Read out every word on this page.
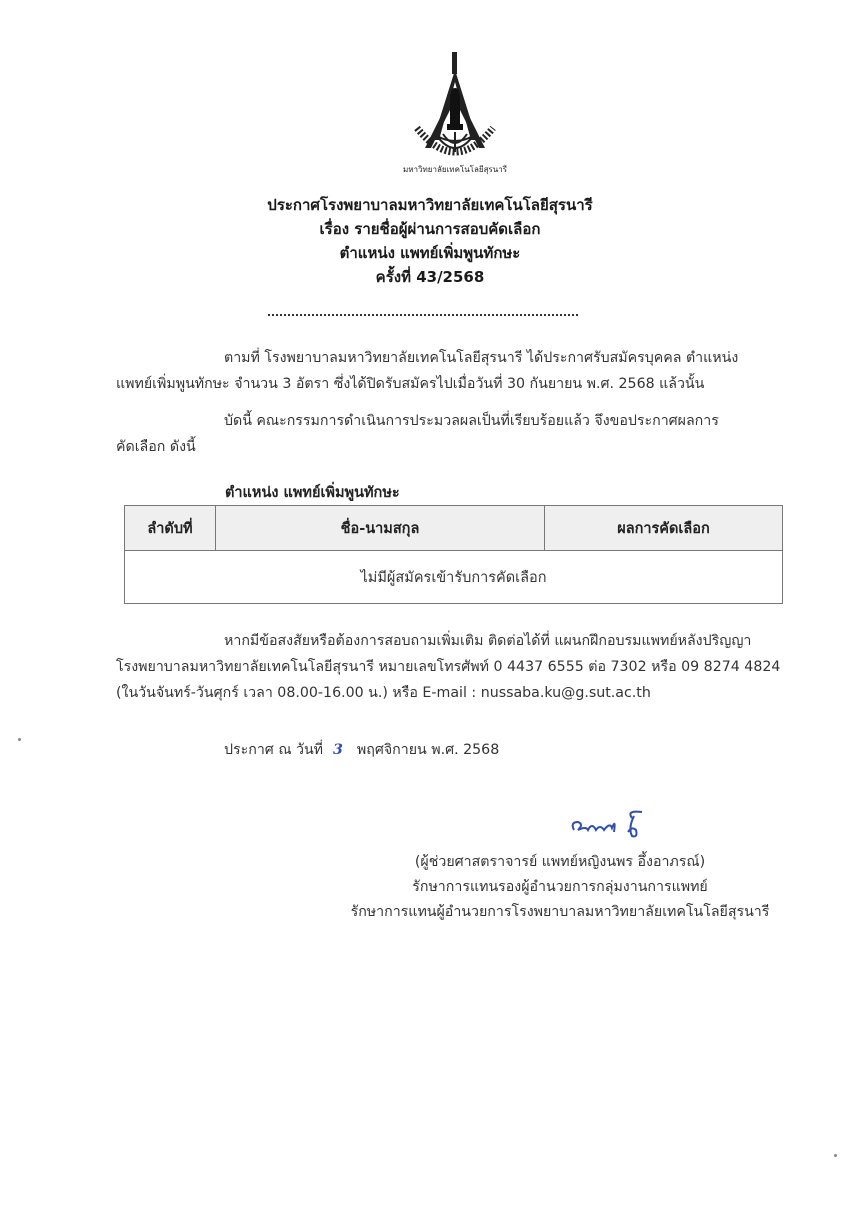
มหาวิทยาลัยเทคโนโลยีสุรนารี
ประกาศโรงพยาบาลมหาวิทยาลัยเทคโนโลยีสุรนารี
เรื่อง รายชื่อผู้ผ่านการสอบคัดเลือก
ตำแหน่ง แพทย์เพิ่มพูนทักษะ
ครั้งที่ 43/2568
ตามที่ โรงพยาบาลมหาวิทยาลัยเทคโนโลยีสุรนารี ได้ประกาศรับสมัครบุคคล ตำแหน่ง
แพทย์เพิ่มพูนทักษะ จำนวน 3 อัตรา ซึ่งได้ปิดรับสมัครไปเมื่อวันที่ 30 กันยายน พ.ศ. 2568 แล้วนั้น
บัดนี้ คณะกรรมการดำเนินการประมวลผลเป็นที่เรียบร้อยแล้ว จึงขอประกาศผลการ
คัดเลือก ดังนี้
ตำแหน่ง แพทย์เพิ่มพูนทักษะ
ลำดับที่	ชื่อ-นามสกุล	ผลการคัดเลือก
ไม่มีผู้สมัครเข้ารับการคัดเลือก
หากมีข้อสงสัยหรือต้องการสอบถามเพิ่มเติม ติดต่อได้ที่ แผนกฝึกอบรมแพทย์หลังปริญญา
โรงพยาบาลมหาวิทยาลัยเทคโนโลยีสุรนารี หมายเลขโทรศัพท์ 0 4437 6555 ต่อ 7302 หรือ 09 8274 4824
(ในวันจันทร์-วันศุกร์ เวลา 08.00-16.00 น.) หรือ E-mail : nussaba.ku@g.sut.ac.th
ประกาศ ณ วันที่ 3 พฤศจิกายน พ.ศ. 2568
(ผู้ช่วยศาสตราจารย์ แพทย์หญิงนพร อึ้งอาภรณ์)
รักษาการแทนรองผู้อำนวยการกลุ่มงานการแพทย์
รักษาการแทนผู้อำนวยการโรงพยาบาลมหาวิทยาลัยเทคโนโลยีสุรนารี
